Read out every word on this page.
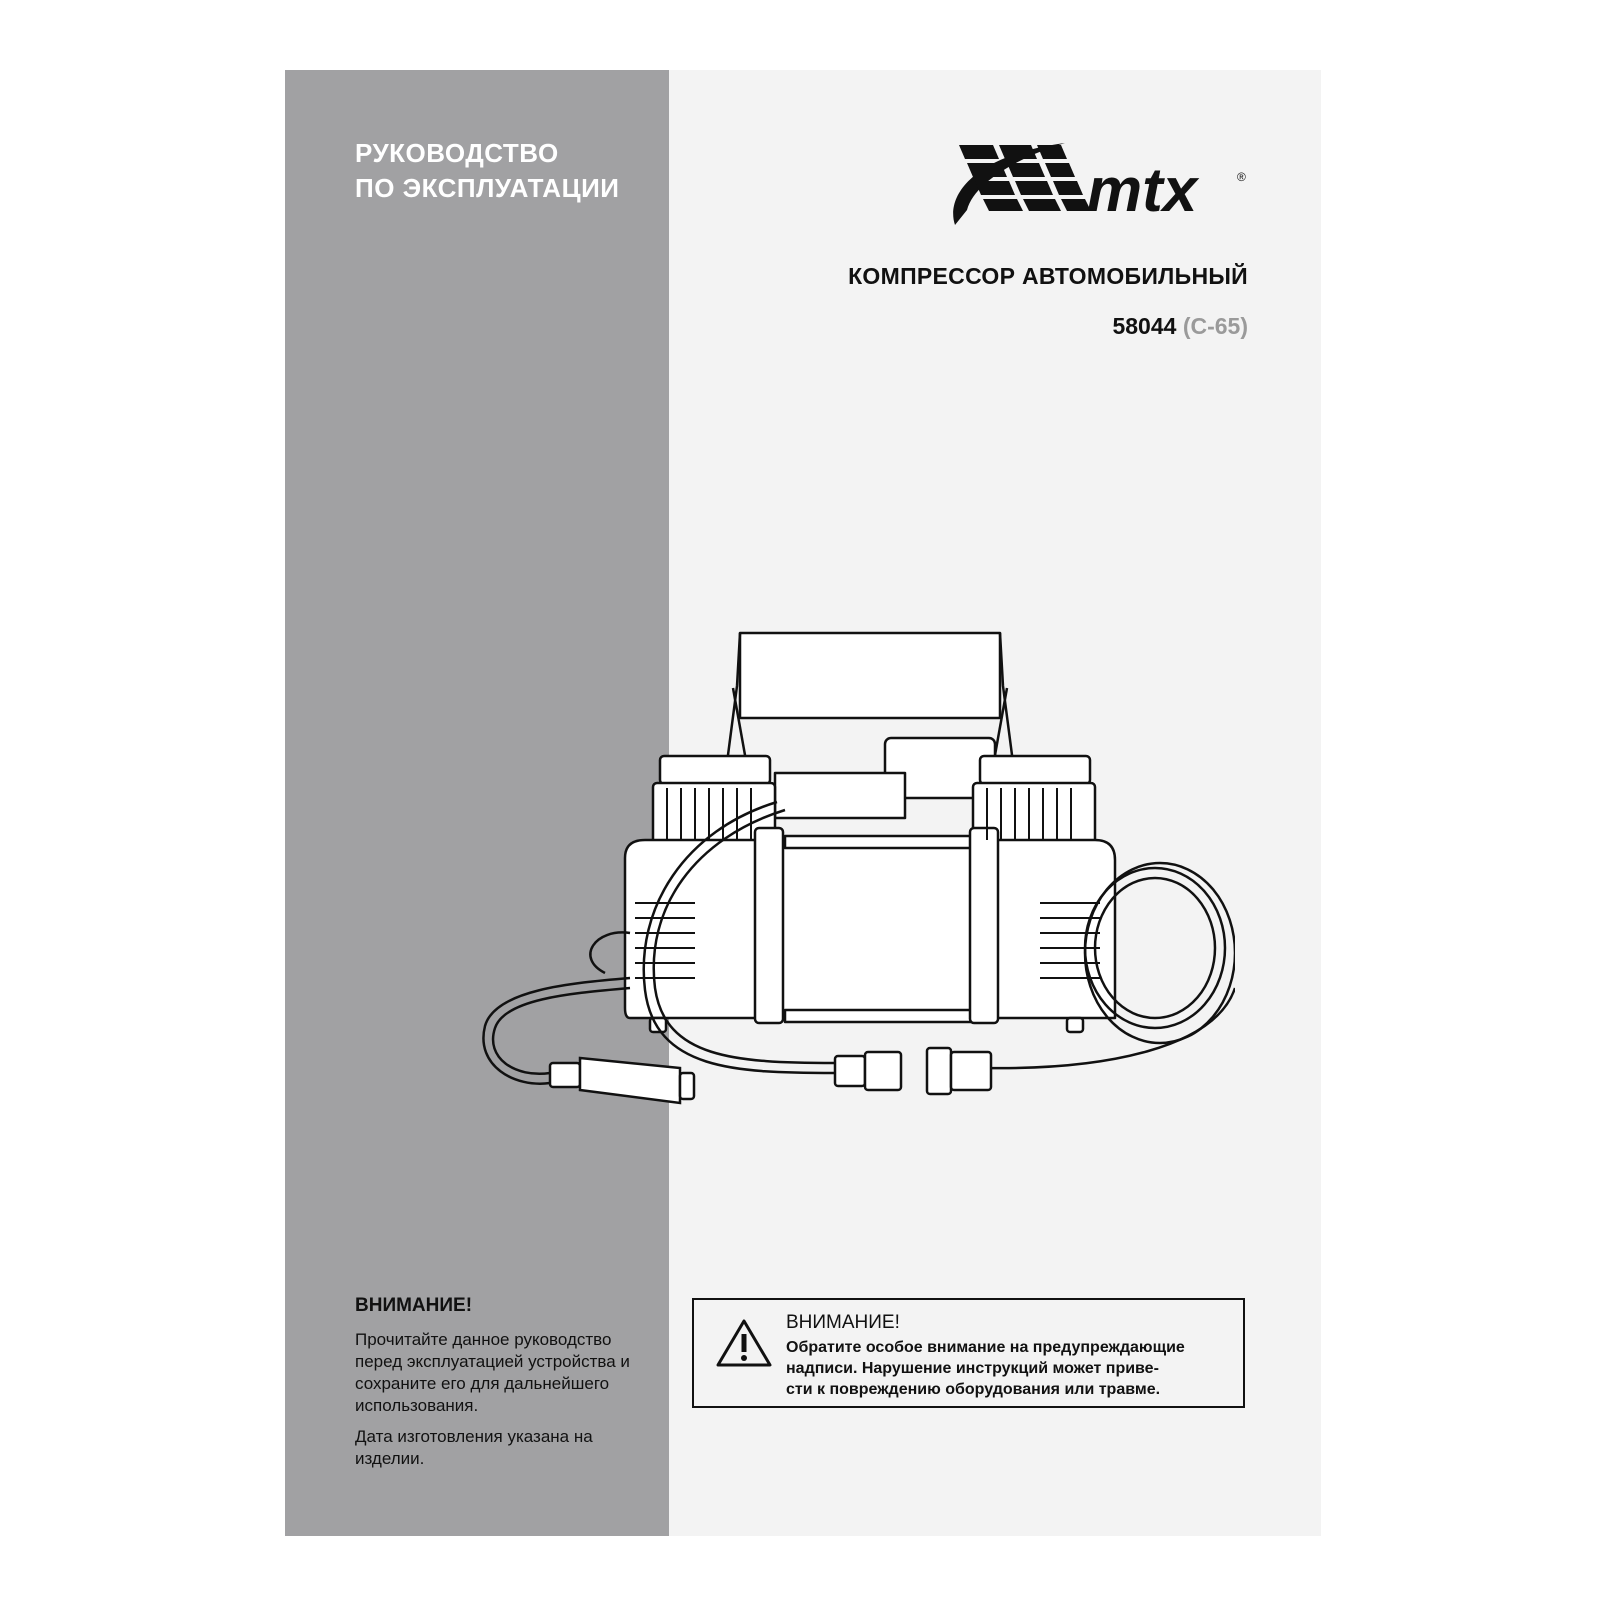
РУКОВОДСТВО
ПО ЭКСПЛУАТАЦИИ
ВНИМАНИЕ!

Прочитайте данное руководство перед эксплуатацией устройства и сохраните его для дальнейшего использования.

Дата изготовления указана на изделии.

mtx	®
КОМПРЕССОР АВТОМОБИЛЬНЫЙ
58044 (C-65)
ВНИМАНИЕ!
Обратите особое внимание на предупреждающие
надписи. Нарушение инструкций может приве-
сти к повреждению оборудования или травме.
